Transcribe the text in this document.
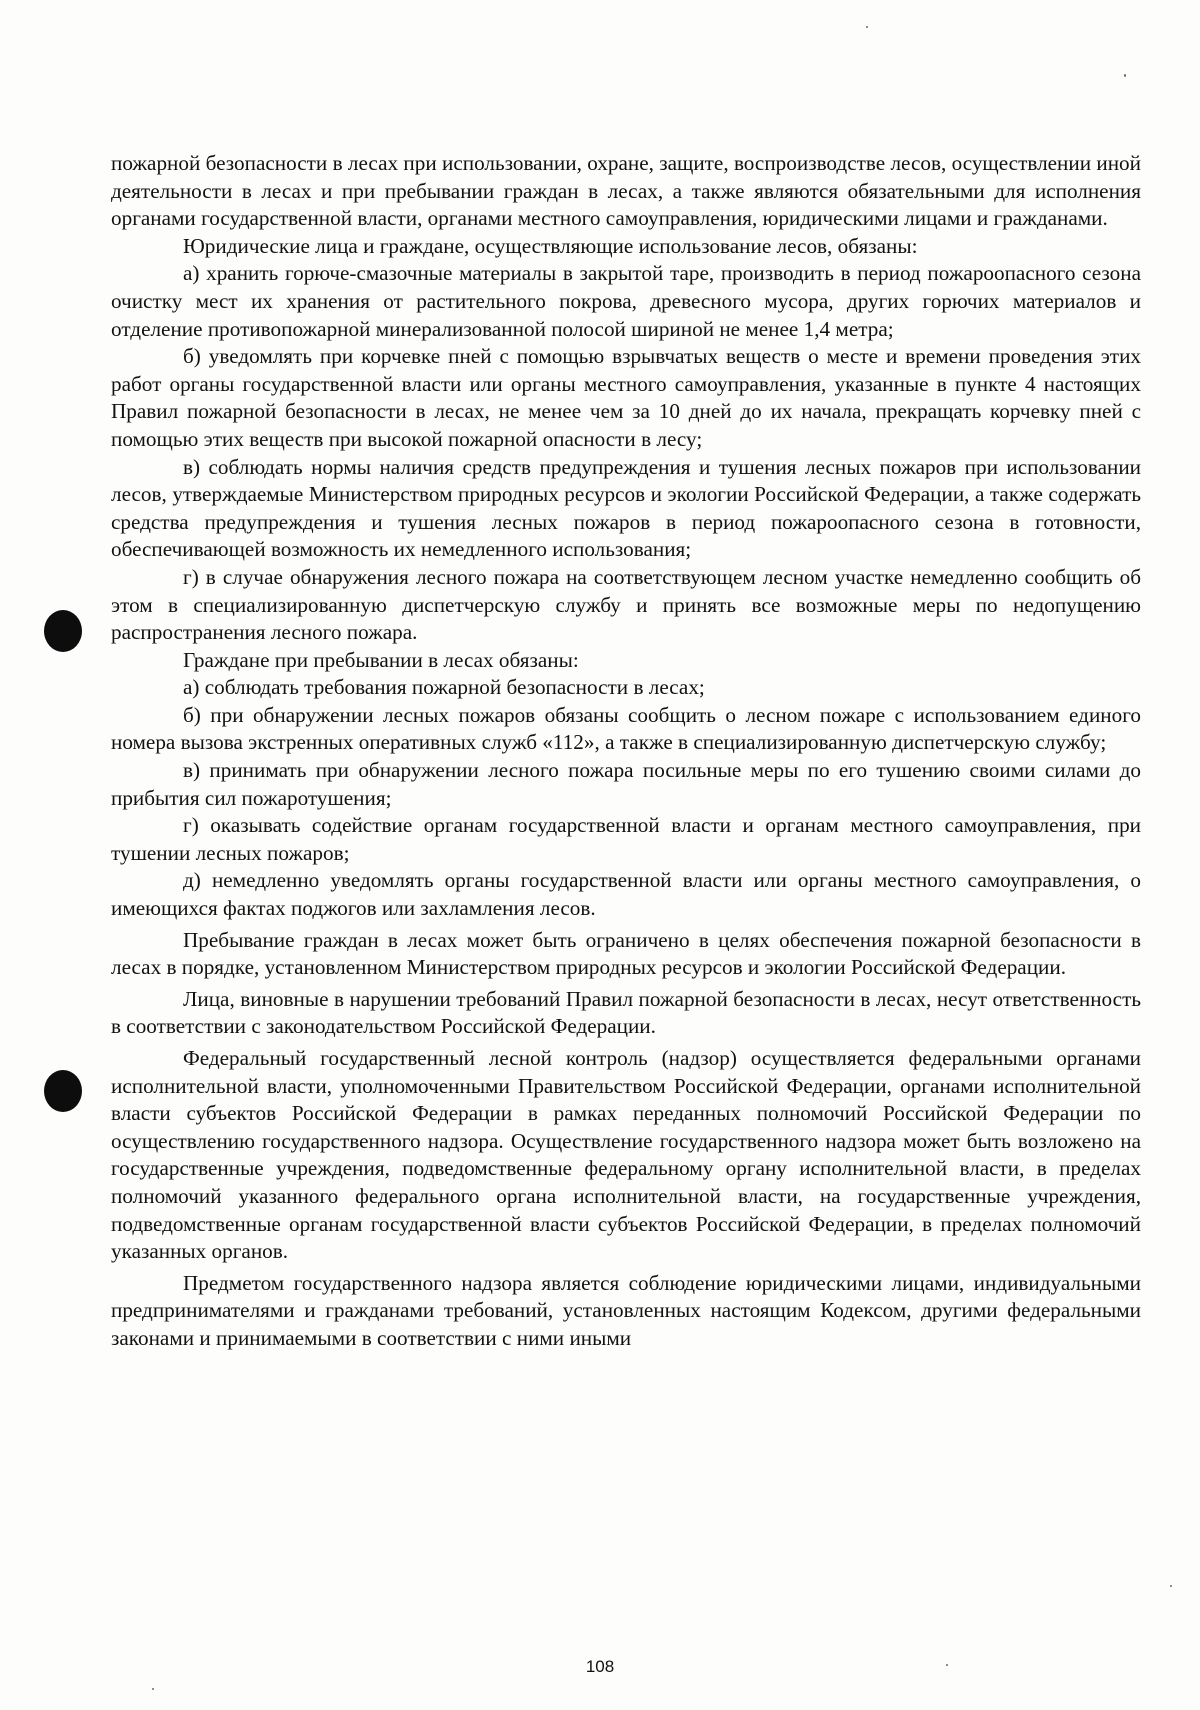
пожарной безопасности в лесах при использовании, охране, защите, воспроизводстве лесов, осуществлении иной деятельности в лесах и при пребывании граждан в лесах, а также являются обязательными для исполнения органами государственной власти, органами местного самоуправления, юридическими лицами и гражданами.

Юридические лица и граждане, осуществляющие использование лесов, обязаны:

а) хранить горюче-смазочные материалы в закрытой таре, производить в период пожароопасного сезона очистку мест их хранения от растительного покрова, древесного мусора, других горючих материалов и отделение противопожарной минерализованной полосой шириной не менее 1,4 метра;

б) уведомлять при корчевке пней с помощью взрывчатых веществ о месте и времени проведения этих работ органы государственной власти или органы местного самоуправления, указанные в пункте 4 настоящих Правил пожарной безопасности в лесах, не менее чем за 10 дней до их начала, прекращать корчевку пней с помощью этих веществ при высокой пожарной опасности в лесу;

в) соблюдать нормы наличия средств предупреждения и тушения лесных пожаров при использовании лесов, утверждаемые Министерством природных ресурсов и экологии Российской Федерации, а также содержать средства предупреждения и тушения лесных пожаров в период пожароопасного сезона в готовности, обеспечивающей возможность их немедленного использования;

г) в случае обнаружения лесного пожара на соответствующем лесном участке немедленно сообщить об этом в специализированную диспетчерскую службу и принять все возможные меры по недопущению распространения лесного пожара.

Граждане при пребывании в лесах обязаны:

а) соблюдать требования пожарной безопасности в лесах;

б) при обнаружении лесных пожаров обязаны сообщить о лесном пожаре с использованием единого номера вызова экстренных оперативных служб «112», а также в специализированную диспетчерскую службу;

в) принимать при обнаружении лесного пожара посильные меры по его тушению своими силами до прибытия сил пожаротушения;

г) оказывать содействие органам государственной власти и органам местного самоуправления, при тушении лесных пожаров;

д) немедленно уведомлять органы государственной власти или органы местного самоуправления, о имеющихся фактах поджогов или захламления лесов.

Пребывание граждан в лесах может быть ограничено в целях обеспечения пожарной безопасности в лесах в порядке, установленном Министерством природных ресурсов и экологии Российской Федерации.

Лица, виновные в нарушении требований Правил пожарной безопасности в лесах, несут ответственность в соответствии с законодательством Российской Федерации.

Федеральный государственный лесной контроль (надзор) осуществляется федеральными органами исполнительной власти, уполномоченными Правительством Российской Федерации, органами исполнительной власти субъектов Российской Федерации в рамках переданных полномочий Российской Федерации по осуществлению государственного надзора. Осуществление государственного надзора может быть возложено на государственные учреждения, подведомственные федеральному органу исполнительной власти, в пределах полномочий указанного федерального органа исполнительной власти, на государственные учреждения, подведомственные органам государственной власти субъектов Российской Федерации, в пределах полномочий указанных органов.

Предметом государственного надзора является соблюдение юридическими лицами, индивидуальными предпринимателями и гражданами требований, установленных настоящим Кодексом, другими федеральными законами и принимаемыми в соответствии с ними иными

108
